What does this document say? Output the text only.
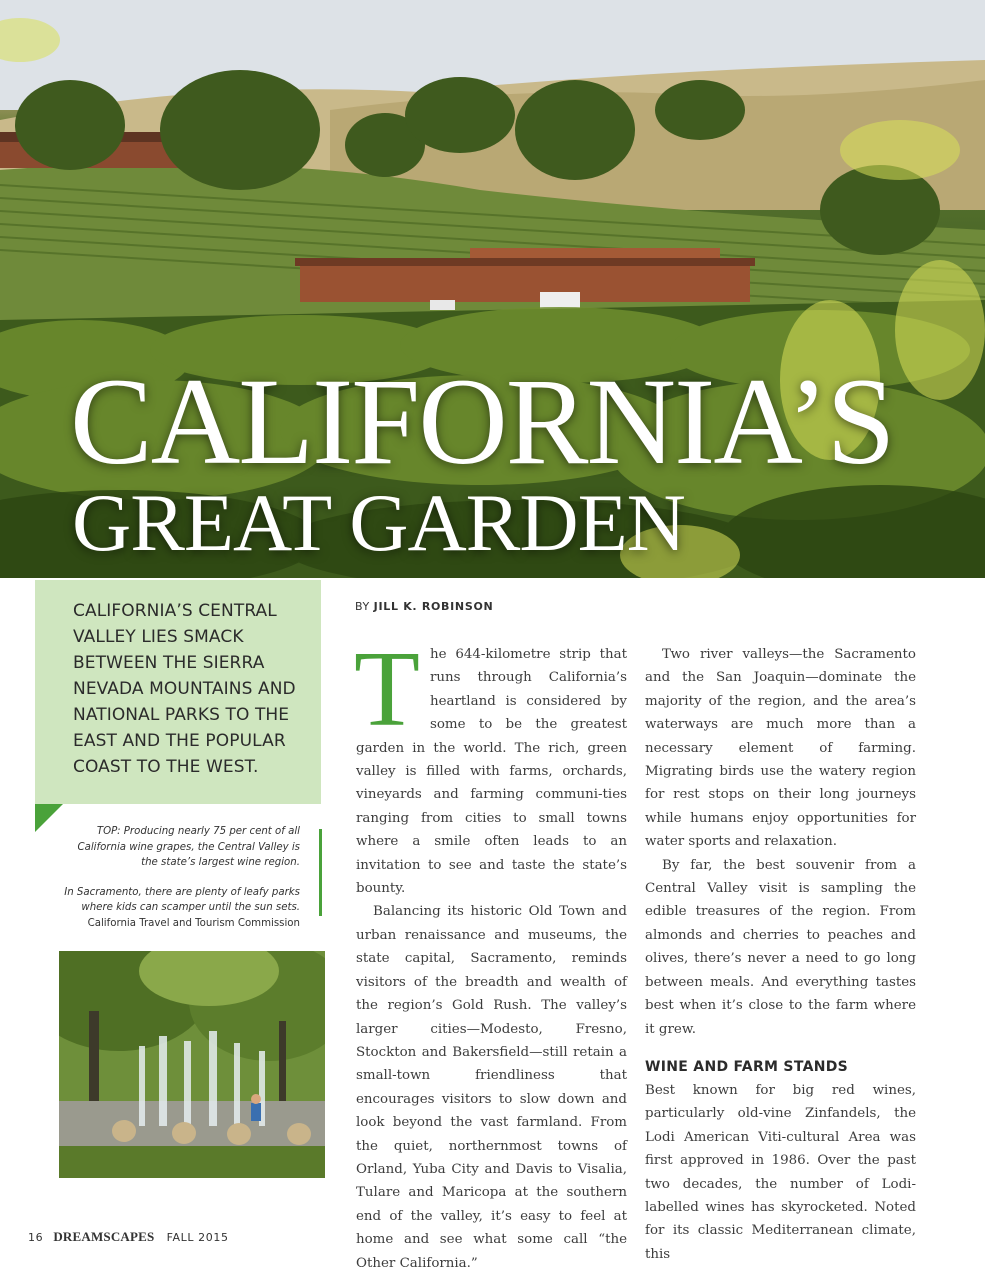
CALIFORNIA’S
GREAT GARDEN

CALIFORNIA’S CENTRAL VALLEY LIES SMACK BETWEEN THE SIERRA NEVADA MOUNTAINS AND NATIONAL PARKS TO THE EAST AND THE POPULAR COAST TO THE WEST.

TOP: Producing nearly 75 per cent of all California wine grapes, the Central Valley is the state’s largest wine region.
In Sacramento, there are plenty of leafy parks where kids can scamper until the sun sets.
California Travel and Tourism Commission
BY JILL K. ROBINSON

The 644-kilometre strip that runs through California’s heartland is considered by some to be the greatest garden in the world. The rich, green valley is filled with farms, orchards, vineyards and farming communi-ties ranging from cities to small towns where a smile often leads to an invitation to see and taste the state’s bounty.

Balancing its historic Old Town and urban renaissance and museums, the state capital, Sacramento, reminds visitors of the breadth and wealth of the region’s Gold Rush. The valley’s larger cities—Modesto, Fresno, Stockton and Bakersfield—still retain a small-town friendliness that encourages visitors to slow down and look beyond the vast farmland. From the quiet, northernmost towns of Orland, Yuba City and Davis to Visalia, Tulare and Maricopa at the southern end of the valley, it’s easy to feel at home and see what some call “the Other California.”

Two river valleys—the Sacramento and the San Joaquin—dominate the majority of the region, and the area’s waterways are much more than a necessary element of farming. Migrating birds use the watery region for rest stops on their long journeys while humans enjoy opportunities for water sports and relaxation.

By far, the best souvenir from a Central Valley visit is sampling the edible treasures of the region. From almonds and cherries to peaches and olives, there’s never a need to go long between meals. And everything tastes best when it’s close to the farm where it grew.

WINE AND FARM STANDS

Best known for big red wines, particularly old-vine Zinfandels, the Lodi American Viti-cultural Area was first approved in 1986. Over the past two decades, the number of Lodi-labelled wines has skyrocketed. Noted for its classic Mediterranean climate, this

16 DREAMSCAPES FALL 2015
